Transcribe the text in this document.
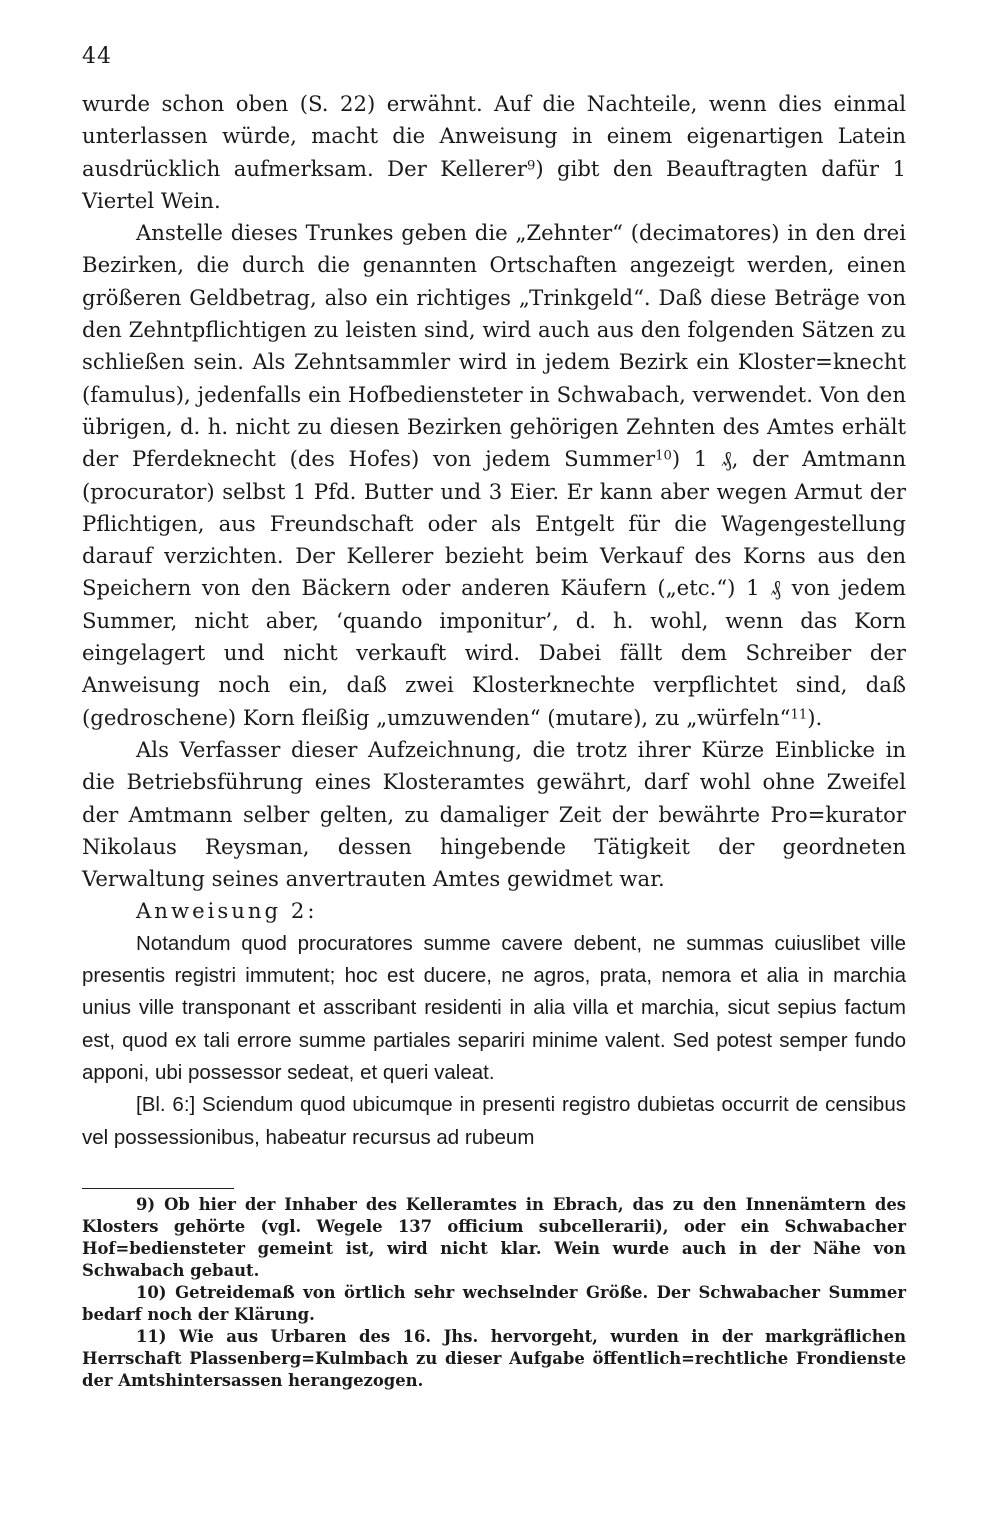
44

wurde schon oben (S. 22) erwähnt. Auf die Nachteile, wenn dies einmal unterlassen würde, macht die Anweisung in einem eigenartigen Latein ausdrücklich aufmerksam. Der Kellerer$^9$) gibt den Beauftragten dafür 1 Viertel Wein.

Anstelle dieses Trunkes geben die „Zehnter“ (decimatores) in den drei Bezirken, die durch die genannten Ortschaften angezeigt werden, einen größeren Geldbetrag, also ein richtiges „Trinkgeld“. Daß diese Beträge von den Zehntpflichtigen zu leisten sind, wird auch aus den folgenden Sätzen zu schließen sein. Als Zehntsammler wird in jedem Bezirk ein Kloster=knecht (famulus), jedenfalls ein Hofbediensteter in Schwabach, verwendet. Von den übrigen, d. h. nicht zu diesen Bezirken gehörigen Zehnten des Amtes erhält der Pferdeknecht (des Hofes) von jedem Summer$^{10}$) 1 ₰, der Amtmann (procurator) selbst 1 Pfd. Butter und 3 Eier. Er kann aber wegen Armut der Pflichtigen, aus Freundschaft oder als Entgelt für die Wagengestellung darauf verzichten. Der Kellerer bezieht beim Verkauf des Korns aus den Speichern von den Bäckern oder anderen Käufern („etc.“) 1 ₰ von jedem Summer, nicht aber, ‘quando imponitur’, d. h. wohl, wenn das Korn eingelagert und nicht verkauft wird. Dabei fällt dem Schreiber der Anweisung noch ein, daß zwei Klosterknechte verpflichtet sind, daß (gedroschene) Korn fleißig „umzuwenden“ (mutare), zu „würfeln“$^{11}$).

Als Verfasser dieser Aufzeichnung, die trotz ihrer Kürze Einblicke in die Betriebsführung eines Klosteramtes gewährt, darf wohl ohne Zweifel der Amtmann selber gelten, zu damaliger Zeit der bewährte Pro=kurator Nikolaus Reysman, dessen hingebende Tätigkeit der geordneten Verwaltung seines anvertrauten Amtes gewidmet war.

Anweisung 2:

Notandum quod procuratores summe cavere debent, ne summas cuiuslibet ville presentis registri immutent; hoc est ducere, ne agros, prata, nemora et alia in marchia unius ville transponant et asscribant residenti in alia villa et marchia, sicut sepius factum est, quod ex tali errore summe partiales separiri minime valent. Sed potest semper fundo apponi, ubi possessor sedeat, et queri valeat.

[Bl. 6:] Sciendum quod ubicumque in presenti registro dubietas occurrit de censibus vel possessionibus, habeatur recursus ad rubeum

9) Ob hier der Inhaber des Kelleramtes in Ebrach, das zu den Innenämtern des Klosters gehörte (vgl. Wegele 137 officium subcellerarii), oder ein Schwabacher Hof=bediensteter gemeint ist, wird nicht klar. Wein wurde auch in der Nähe von Schwabach gebaut.

10) Getreidemaß von örtlich sehr wechselnder Größe. Der Schwabacher Summer bedarf noch der Klärung.

11) Wie aus Urbaren des 16. Jhs. hervorgeht, wurden in der markgräflichen Herrschaft Plassenberg=Kulmbach zu dieser Aufgabe öffentlich=rechtliche Frondienste der Amtshintersassen herangezogen.
